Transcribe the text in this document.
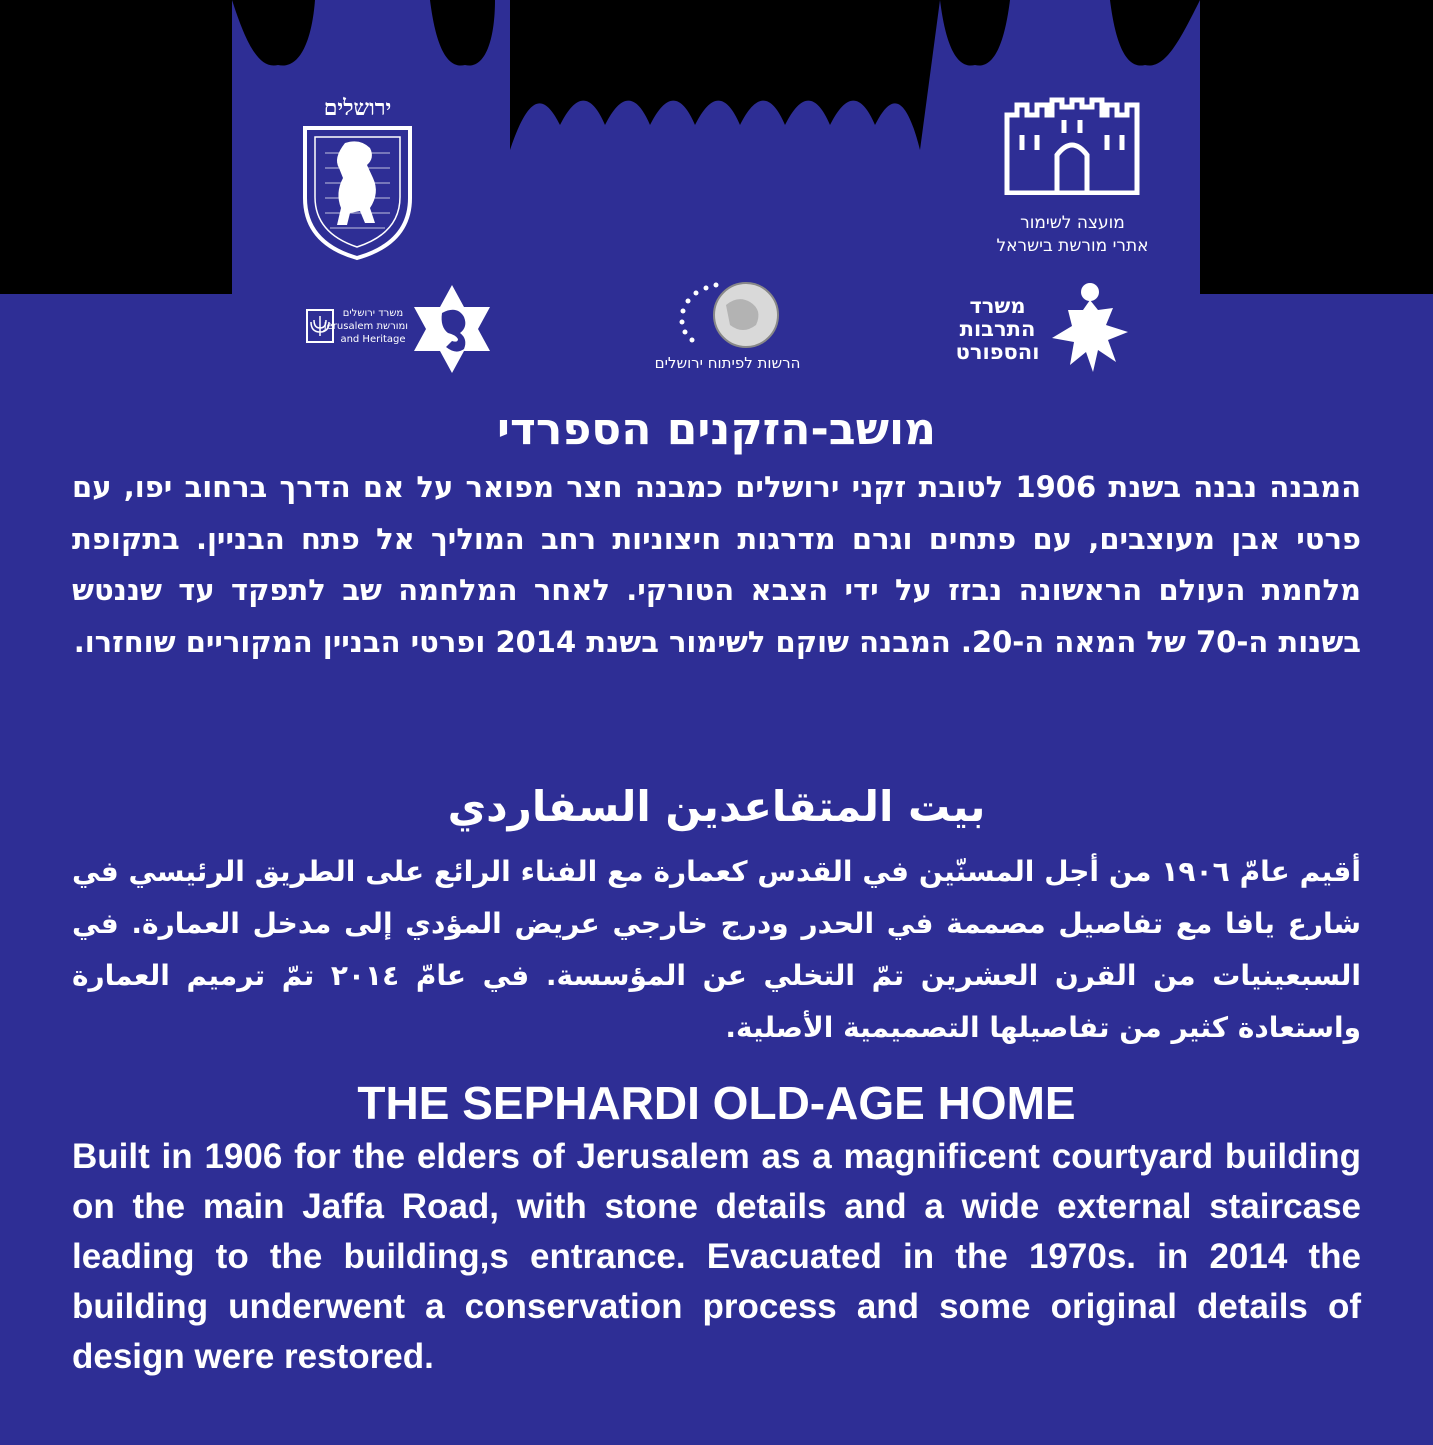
ירושלים
מועצה לשימור
אתרי מורשת בישראל
משרד ירושלים
ומורשת Jerusalem
and Heritage
הרשות לפיתוח ירושלים
משרד
התרבות
והספורט
מושב-הזקנים הספרדי

המבנה נבנה בשנת 1906 לטובת זקני ירושלים כמבנה חצר מפואר על אם הדרך ברחוב יפו, עם פרטי אבן מעוצבים, עם פתחים וגרם מדרגות חיצוניות רחב המוליך אל פתח הבניין. בתקופת מלחמת העולם הראשונה נבזז על ידי הצבא הטורקי. לאחר המלחמה שב לתפקד עד שננטש בשנות ה-70 של המאה ה-20. המבנה שוקם לשימור בשנת 2014 ופרטי הבניין המקוריים שוחזרו.

بيت المتقاعدين السفاردي

أقيم عامّ ١٩٠٦ من أجل المسنّين في القدس كعمارة مع الفناء الرائع على الطريق الرئيسي في شارع يافا مع تفاصيل مصممة في الحدر ودرج خارجي عريض المؤدي إلى مدخل العمارة. في السبعينيات من القرن العشرين تمّ التخلي عن المؤسسة. في عامّ ٢٠١٤ تمّ ترميم العمارة واستعادة كثير من تفاصيلها التصميمية الأصلية.

THE SEPHARDI OLD-AGE HOME

Built in 1906 for the elders of Jerusalem as a magnificent courtyard building on the main Jaffa Road, with stone details and a wide external staircase leading to the building,s entrance. Evacuated in the 1970s. in 2014 the building underwent a conservation process and some original details of design were restored.
